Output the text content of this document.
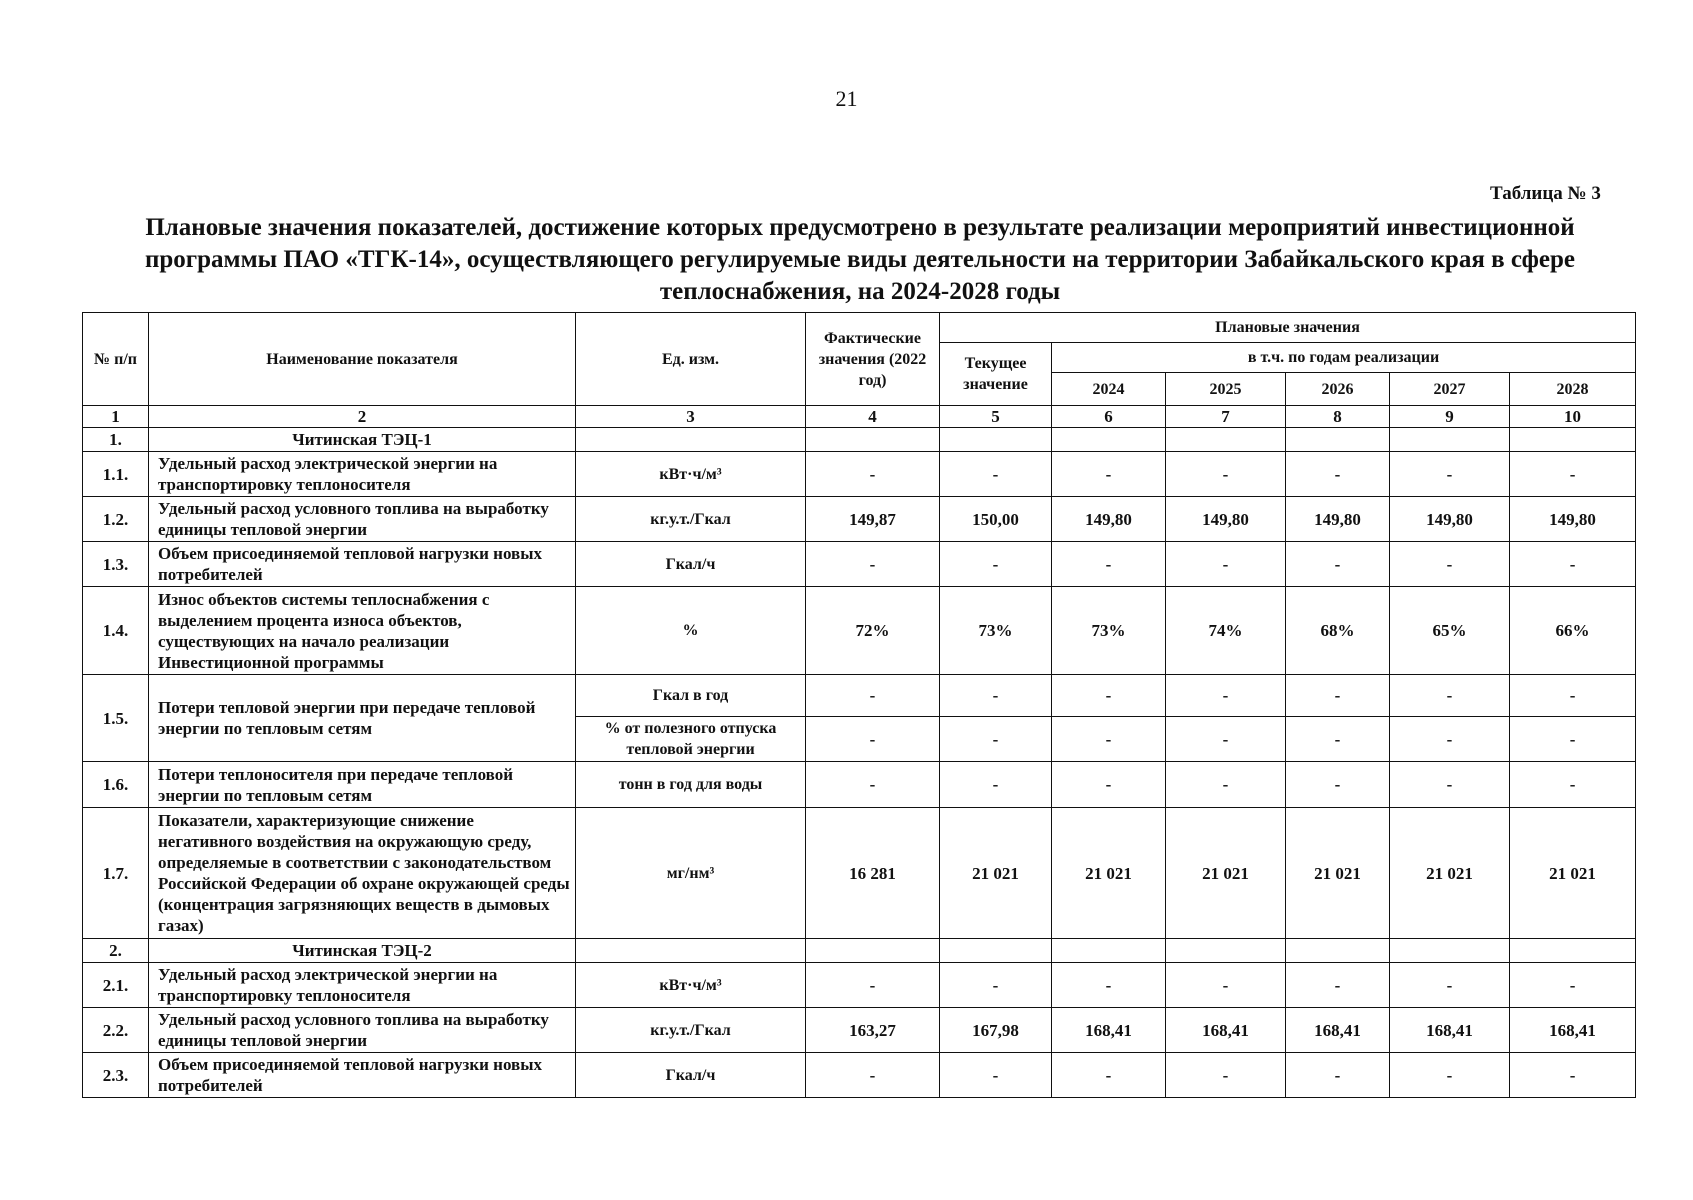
21
Таблица № 3
Плановые значения показателей, достижение которых предусмотрено в результате реализации мероприятий инвестиционной программы ПАО «ТГК-14», осуществляющего регулируемые виды деятельности на территории Забайкальского края в сфере теплоснабжения, на 2024-2028 годы
№ п/п	Наименование показателя	Ед. изм.	Фактические значения (2022 год)	Плановые значения					
				Текущее значение	в т.ч. по годам реализации				
					2024	2025	2026	2027	2028
1	2	3	4	5	6	7	8	9	10
1.	Читинская ТЭЦ-1								
1.1.	Удельный расход электрической энергии на транспортировку теплоносителя	кВт·ч/м³	-	-	-	-	-	-	-
1.2.	Удельный расход условного топлива на выработку единицы тепловой энергии	кг.у.т./Гкал	149,87	150,00	149,80	149,80	149,80	149,80	149,80
1.3.	Объем присоединяемой тепловой нагрузки новых потребителей	Гкал/ч	-	-	-	-	-	-	-
1.4.	Износ объектов системы теплоснабжения с выделением процента износа объектов, существующих на начало реализации Инвестиционной программы	%	72%	73%	73%	74%	68%	65%	66%
1.5.	Потери тепловой энергии при передаче тепловой энергии по тепловым сетям	Гкал в год	-	-	-	-	-	-	-
		% от полезного отпуска тепловой энергии	-	-	-	-	-	-	-
1.6.	Потери теплоносителя при передаче тепловой энергии по тепловым сетям	тонн в год для воды	-	-	-	-	-	-	-
1.7.	Показатели, характеризующие снижение негативного воздействия на окружающую среду, определяемые в соответствии с законодательством Российской Федерации об охране окружающей среды (концентрация загрязняющих веществ в дымовых газах)	мг/нм³	16 281	21 021	21 021	21 021	21 021	21 021	21 021
2.	Читинская ТЭЦ-2								
2.1.	Удельный расход электрической энергии на транспортировку теплоносителя	кВт·ч/м³	-	-	-	-	-	-	-
2.2.	Удельный расход условного топлива на выработку единицы тепловой энергии	кг.у.т./Гкал	163,27	167,98	168,41	168,41	168,41	168,41	168,41
2.3.	Объем присоединяемой тепловой нагрузки новых потребителей	Гкал/ч	-	-	-	-	-	-	-
